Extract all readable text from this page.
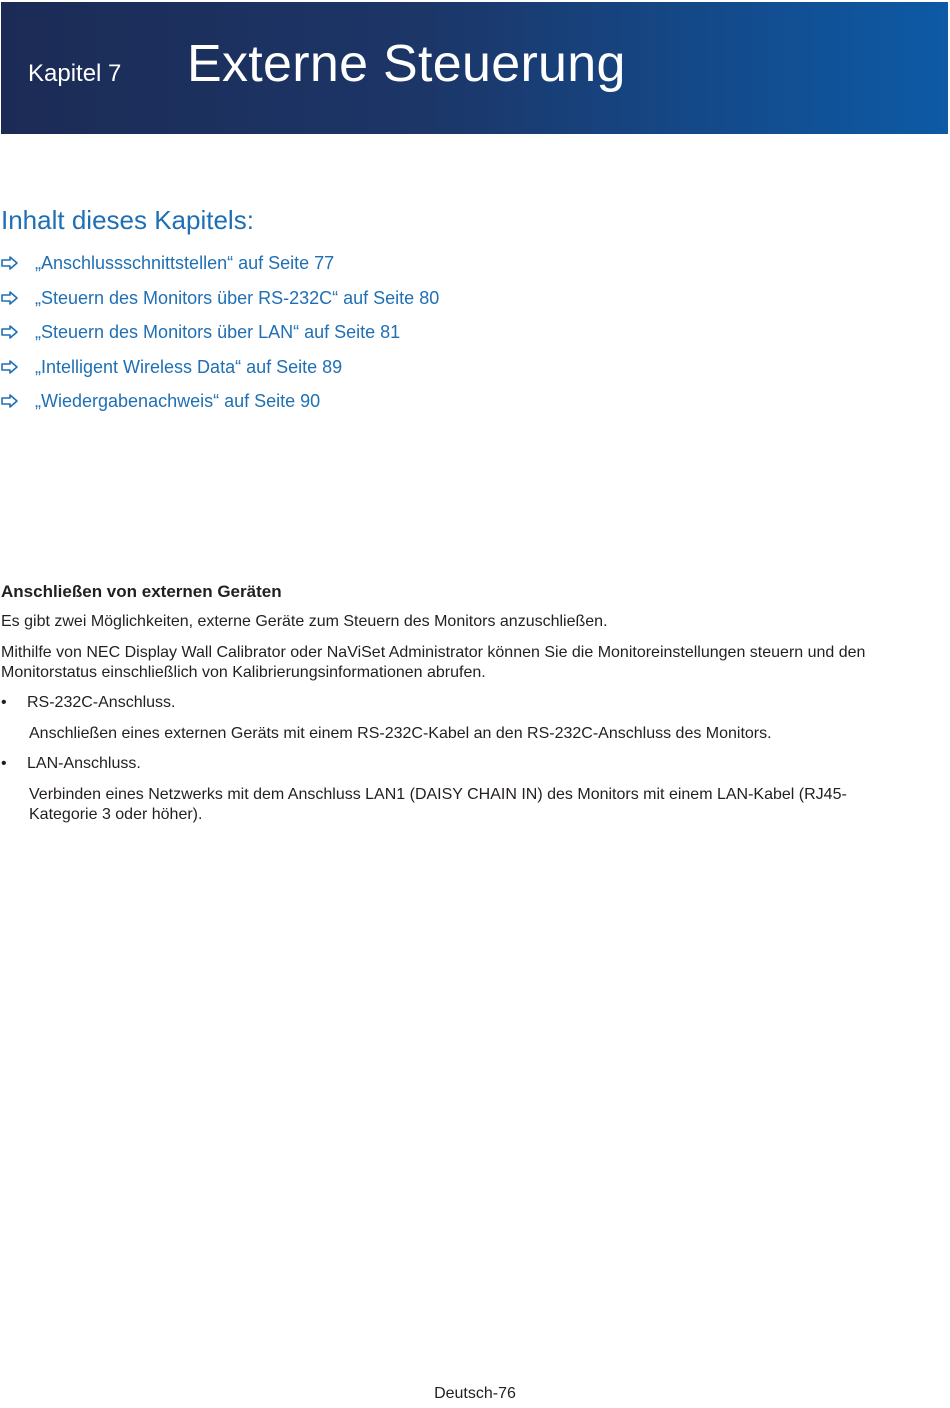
Kapitel 7 Externe Steuerung
Inhalt dieses Kapitels:
„Anschlussschnittstellen“ auf Seite 77
„Steuern des Monitors über RS-232C“ auf Seite 80
„Steuern des Monitors über LAN“ auf Seite 81
„Intelligent Wireless Data“ auf Seite 89
„Wiedergabenachweis“ auf Seite 90
Anschließen von externen Geräten
Es gibt zwei Möglichkeiten, externe Geräte zum Steuern des Monitors anzuschließen.
Mithilfe von NEC Display Wall Calibrator oder NaViSet Administrator können Sie die Monitoreinstellungen steuern und den Monitorstatus einschließlich von Kalibrierungsinformationen abrufen.
• RS-232C-Anschluss.
Anschließen eines externen Geräts mit einem RS-232C-Kabel an den RS-232C-Anschluss des Monitors.
• LAN-Anschluss.
Verbinden eines Netzwerks mit dem Anschluss LAN1 (DAISY CHAIN IN) des Monitors mit einem LAN-Kabel (RJ45-Kategorie 3 oder höher).
Deutsch-76
